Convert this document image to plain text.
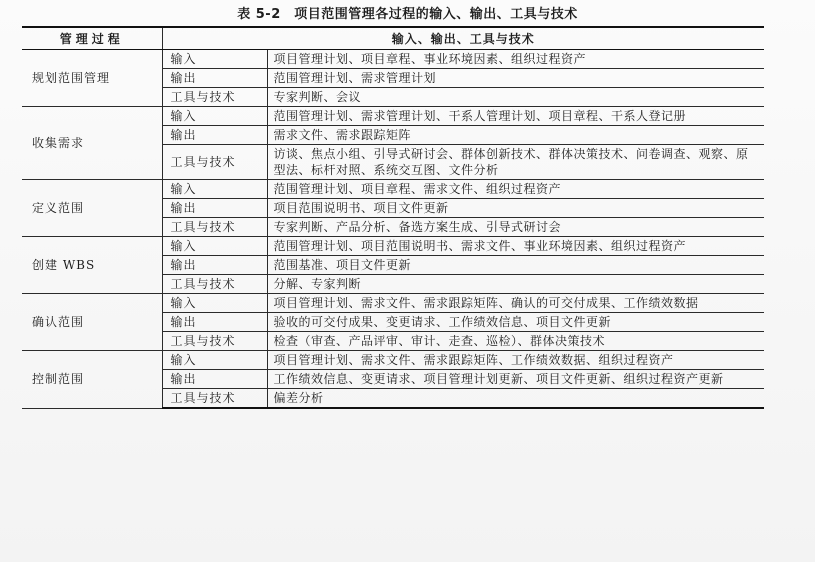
表 5-2　项目范围管理各过程的输入、输出、工具与技术
管理过程	输入、输出、工具与技术	
规划范围管理	输入	项目管理计划、项目章程、事业环境因素、组织过程资产
	输出	范围管理计划、需求管理计划
	工具与技术	专家判断、会议
收集需求	输入	范围管理计划、需求管理计划、干系人管理计划、项目章程、干系人登记册
	输出	需求文件、需求跟踪矩阵
	工具与技术	访谈、焦点小组、引导式研讨会、群体创新技术、群体决策技术、问卷调查、观察、原型法、标杆对照、系统交互图、文件分析
定义范围	输入	范围管理计划、项目章程、需求文件、组织过程资产
	输出	项目范围说明书、项目文件更新
	工具与技术	专家判断、产品分析、备选方案生成、引导式研讨会
创建 WBS	输入	范围管理计划、项目范围说明书、需求文件、事业环境因素、组织过程资产
	输出	范围基准、项目文件更新
	工具与技术	分解、专家判断
确认范围	输入	项目管理计划、需求文件、需求跟踪矩阵、确认的可交付成果、工作绩效数据
	输出	验收的可交付成果、变更请求、工作绩效信息、项目文件更新
	工具与技术	检查（审查、产品评审、审计、走查、巡检）、群体决策技术
控制范围	输入	项目管理计划、需求文件、需求跟踪矩阵、工作绩效数据、组织过程资产
	输出	工作绩效信息、变更请求、项目管理计划更新、项目文件更新、组织过程资产更新
	工具与技术	偏差分析
